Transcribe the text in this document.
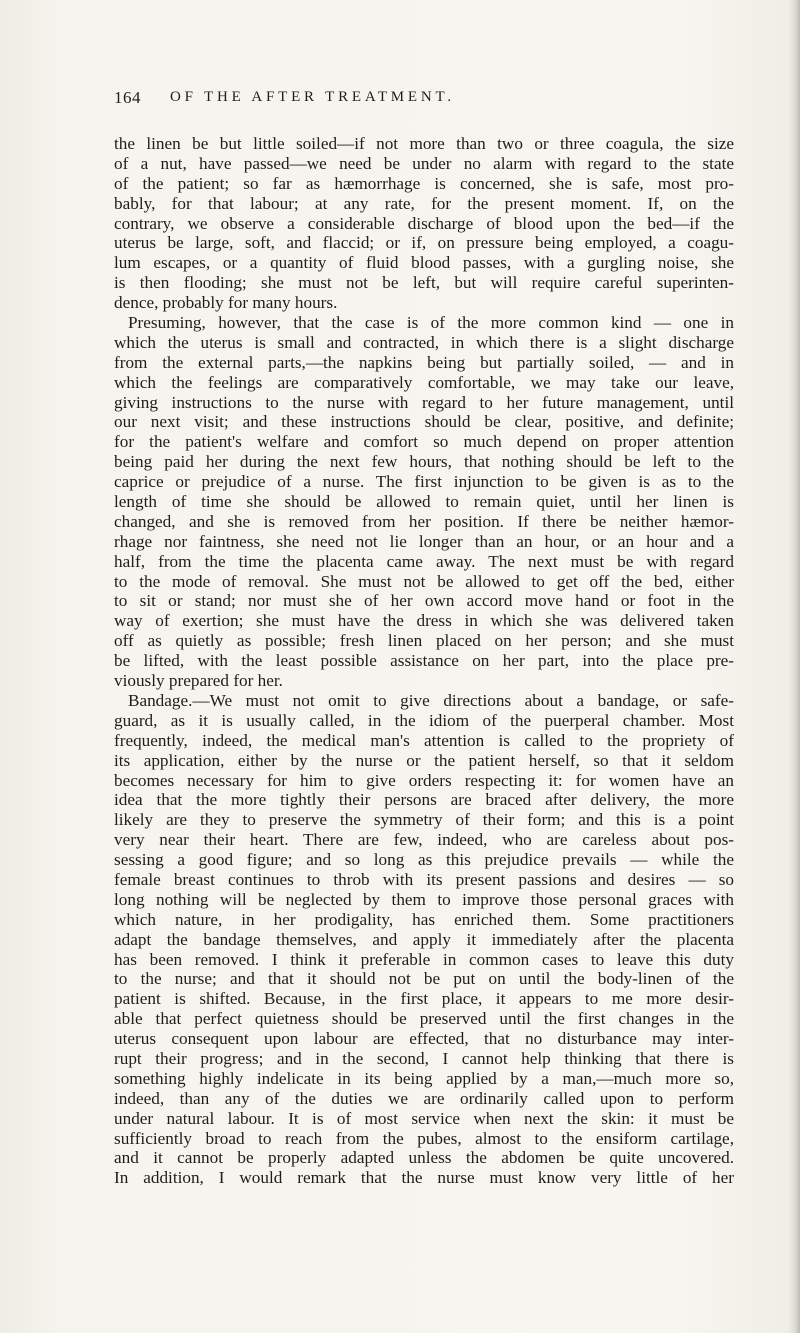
164 OF THE AFTER TREATMENT.
the linen be but little soiled—if not more than two or three coagula, the size
of a nut, have passed—we need be under no alarm with regard to the state
of the patient; so far as hæmorrhage is concerned, she is safe, most pro-
bably, for that labour; at any rate, for the present moment. If, on the
contrary, we observe a considerable discharge of blood upon the bed—if the
uterus be large, soft, and flaccid; or if, on pressure being employed, a coagu-
lum escapes, or a quantity of fluid blood passes, with a gurgling noise, she
is then flooding; she must not be left, but will require careful superinten-
dence, probably for many hours.
Presuming, however, that the case is of the more common kind — one in
which the uterus is small and contracted, in which there is a slight discharge
from the external parts,—the napkins being but partially soiled, — and in
which the feelings are comparatively comfortable, we may take our leave,
giving instructions to the nurse with regard to her future management, until
our next visit; and these instructions should be clear, positive, and definite;
for the patient's welfare and comfort so much depend on proper attention
being paid her during the next few hours, that nothing should be left to the
caprice or prejudice of a nurse. The first injunction to be given is as to the
length of time she should be allowed to remain quiet, until her linen is
changed, and she is removed from her position. If there be neither hæmor-
rhage nor faintness, she need not lie longer than an hour, or an hour and a
half, from the time the placenta came away. The next must be with regard
to the mode of removal. She must not be allowed to get off the bed, either
to sit or stand; nor must she of her own accord move hand or foot in the
way of exertion; she must have the dress in which she was delivered taken
off as quietly as possible; fresh linen placed on her person; and she must
be lifted, with the least possible assistance on her part, into the place pre-
viously prepared for her.
Bandage.—We must not omit to give directions about a bandage, or safe-
guard, as it is usually called, in the idiom of the puerperal chamber. Most
frequently, indeed, the medical man's attention is called to the propriety of
its application, either by the nurse or the patient herself, so that it seldom
becomes necessary for him to give orders respecting it: for women have an
idea that the more tightly their persons are braced after delivery, the more
likely are they to preserve the symmetry of their form; and this is a point
very near their heart. There are few, indeed, who are careless about pos-
sessing a good figure; and so long as this prejudice prevails — while the
female breast continues to throb with its present passions and desires — so
long nothing will be neglected by them to improve those personal graces with
which nature, in her prodigality, has enriched them. Some practitioners
adapt the bandage themselves, and apply it immediately after the placenta
has been removed. I think it preferable in common cases to leave this duty
to the nurse; and that it should not be put on until the body-linen of the
patient is shifted. Because, in the first place, it appears to me more desir-
able that perfect quietness should be preserved until the first changes in the
uterus consequent upon labour are effected, that no disturbance may inter-
rupt their progress; and in the second, I cannot help thinking that there is
something highly indelicate in its being applied by a man,—much more so,
indeed, than any of the duties we are ordinarily called upon to perform
under natural labour. It is of most service when next the skin: it must be
sufficiently broad to reach from the pubes, almost to the ensiform cartilage,
and it cannot be properly adapted unless the abdomen be quite uncovered.
In addition, I would remark that the nurse must know very little of her
